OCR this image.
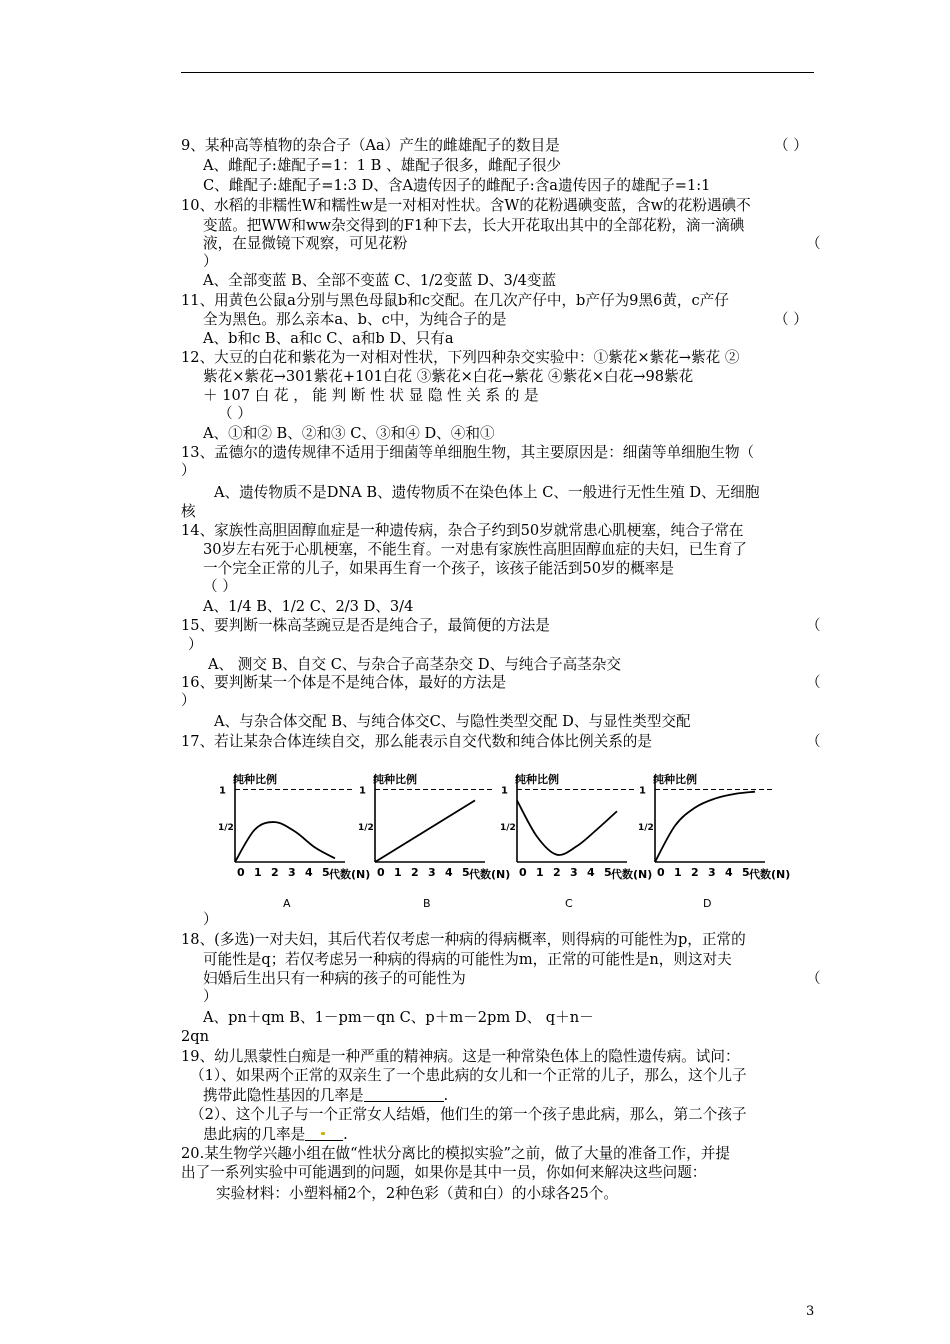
9、某种高等植物的杂合子（Aa）产生的雌雄配子的数目是	（ ）
A、雌配子:雄配子=1：1 B 、雄配子很多，雌配子很少
C、雌配子:雄配子=1:3 D、含A遗传因子的雌配子:含a遗传因子的雄配子=1:1
10、水稻的非糯性W和糯性w是一对相对性状。含W的花粉遇碘变蓝，含w的花粉遇碘不
变蓝。把WW和ww杂交得到的F1种下去，长大开花取出其中的全部花粉，滴一滴碘
液，在显微镜下观察，可见花粉	（
）
A、全部变蓝 B、全部不变蓝 C、1/2变蓝 D、3/4变蓝
11、用黄色公鼠a分别与黑色母鼠b和c交配。在几次产仔中，b产仔为9黑6黄，c产仔
全为黑色。那么亲本a、b、c中，为纯合子的是	（ ）
A、b和c B、a和c C、a和b D、只有a
12、大豆的白花和紫花为一对相对性状，下列四种杂交实验中：①紫花×紫花→紫花 ②
紫花×紫花→301紫花+101白花 ③紫花×白花→紫花 ④紫花×白花→98紫花
＋ 107 白 花 ， 能 判 断 性 状 显 隐 性 关 系 的 是
（ ）
A、①和② B、②和③ C、③和④ D、④和①
13、孟德尔的遗传规律不适用于细菌等单细胞生物，其主要原因是：细菌等单细胞生物（
）
A、遗传物质不是DNA B、遗传物质不在染色体上 C、一般进行无性生殖 D、无细胞
核
14、家族性高胆固醇血症是一种遗传病，杂合子约到50岁就常患心肌梗塞，纯合子常在
30岁左右死于心肌梗塞，不能生育。一对患有家族性高胆固醇血症的夫妇，已生育了
一个完全正常的儿子，如果再生育一个孩子，该孩子能活到50岁的概率是
（ ）
A、1/4 B、1/2 C、2/3 D、3/4
15、要判断一株高茎豌豆是否是纯合子，最简便的方法是	（
）
A、 测交 B、自交 C、与杂合子高茎杂交 D、与纯合子高茎杂交
16、要判断某一个体是不是纯合体，最好的方法是	（
）
A、与杂合体交配 B、与纯合体交C、与隐性类型交配 D、与显性类型交配
17、若让某杂合体连续自交，那么能表示自交代数和纯合体比例关系的是	（
纯种比例
1
1/2
0 1 2 3 4 5 代数(N)
A
纯种比例
1
1/2
0 1 2 3 4 5 代数(N)
B
纯种比例
1
1/2
0 1 2 3 4 5 代数(N)
C
纯种比例
1
1/2
0 1 2 3 4 5 代数(N)
D
）
18、(多选)一对夫妇，其后代若仅考虑一种病的得病概率，则得病的可能性为p，正常的
可能性是q；若仅考虑另一种病的得病的可能性为m，正常的可能性是n，则这对夫
妇婚后生出只有一种病的孩子的可能性为	（
）
A、pn＋qm B、1－pm－qn C、p＋m－2pm D、 q＋n－
2qn
19、幼儿黑蒙性白痴是一种严重的精神病。这是一种常染色体上的隐性遗传病。试问：
（1）、如果两个正常的双亲生了一个患此病的女儿和一个正常的儿子，那么，这个儿子
携带此隐性基因的几率是	.
（2）、这个儿子与一个正常女人结婚，他们生的第一个孩子患此病，那么，第二个孩子
患此病的几率是	.
20.某生物学兴趣小组在做“性状分离比的模拟实验”之前，做了大量的准备工作，并提
出了一系列实验中可能遇到的问题，如果你是其中一员，你如何来解决这些问题：
实验材料：小塑料桶2个，2种色彩（黄和白）的小球各25个。
3
